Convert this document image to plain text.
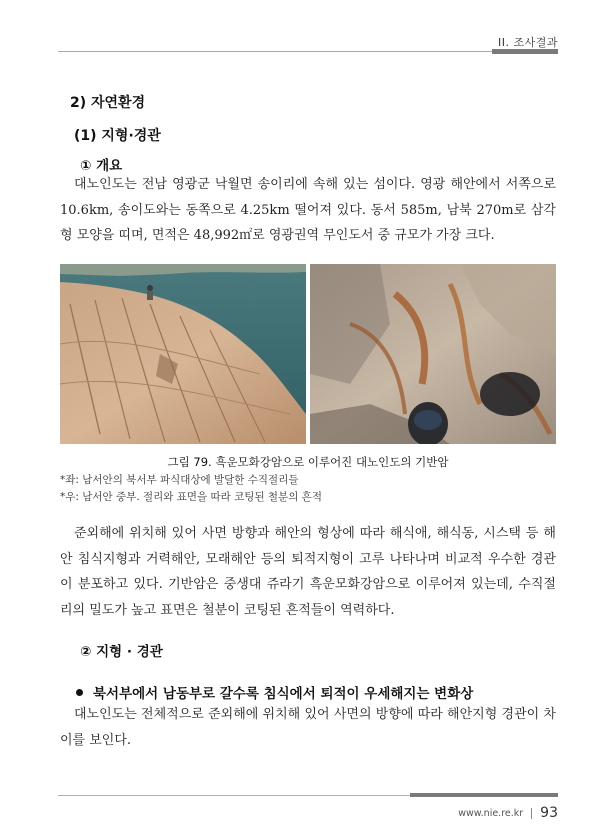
II. 조사결과
2) 자연환경
(1) 지형·경관
① 개요

대노인도는 전남 영광군 낙월면 송이리에 속해 있는 섬이다. 영광 해안에서 서쪽으로 10.6km, 송이도와는 동쪽으로 4.25km 떨어져 있다. 동서 585m, 남북 270m로 삼각형 모양을 띠며, 면적은 48,992㎡로 영광권역 무인도서 중 규모가 가장 크다.

그림 79. 흑운모화강암으로 이루어진 대노인도의 기반암
*좌: 남서안의 북서부 파식대상에 발달한 수직절리들
*우: 남서안 중부. 절리와 표면을 따라 코팅된 철분의 흔적

준외해에 위치해 있어 사면 방향과 해안의 형상에 따라 해식애, 해식동, 시스택 등 해안 침식지형과 거력해안, 모래해안 등의 퇴적지형이 고루 나타나며 비교적 우수한 경관이 분포하고 있다. 기반암은 중생대 쥬라기 흑운모화강암으로 이루어져 있는데, 수직절리의 밀도가 높고 표면은 철분이 코팅된 흔적들이 역력하다.

② 지형 · 경관
북서부에서 남동부로 갈수록 침식에서 퇴적이 우세해지는 변화상

대노인도는 전체적으로 준외해에 위치해 있어 사면의 방향에 따라 해안지형 경관이 차이를 보인다.

www.nie.re.kr 93
